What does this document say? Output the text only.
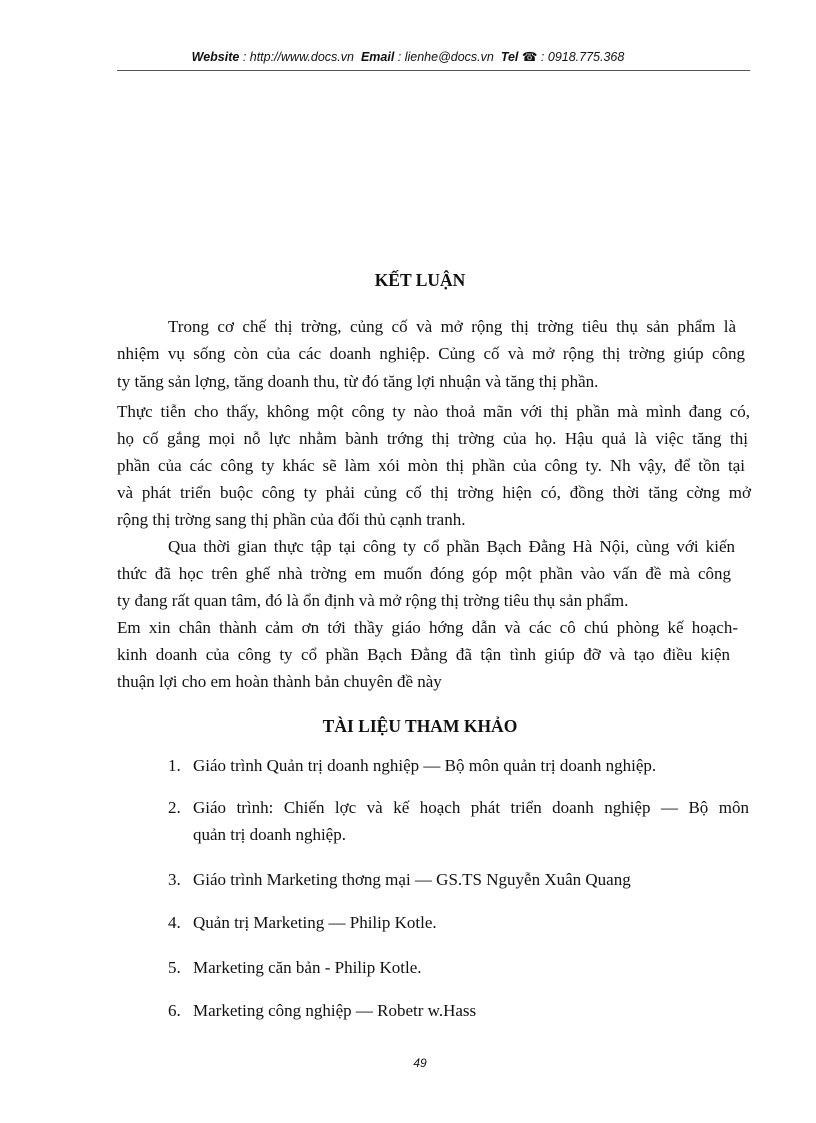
Website : http://www.docs.vn Email : lienhe@docs.vn Tel ☎ : 0918.775.368
KẾT LUẬN
Trong cơ chế thị trờng, củng cố và mở rộng thị trờng tiêu thụ sản phẩm là
nhiệm vụ sống còn của các doanh nghiệp. Củng cố và mở rộng thị trờng giúp công
ty tăng sản lợng, tăng doanh thu, từ đó tăng lợi nhuận và tăng thị phần.
Thực tiễn cho thấy, không một công ty nào thoả mãn với thị phần mà mình đang có,
họ cố gắng mọi nỗ lực nhằm bành trớng thị trờng của họ. Hậu quả là việc tăng thị
phần của các công ty khác sẽ làm xói mòn thị phần của công ty. Nh vậy, để tồn tại
và phát triển buộc công ty phải củng cố thị trờng hiện có, đồng thời tăng cờng mở
rộng thị trờng sang thị phần của đối thủ cạnh tranh.
Qua thời gian thực tập tại công ty cổ phần Bạch Đằng Hà Nội, cùng với kiến
thức đã học trên ghế nhà trờng em muốn đóng góp một phần vào vấn đề mà công
ty đang rất quan tâm, đó là ổn định và mở rộng thị trờng tiêu thụ sản phẩm.
Em xin chân thành cảm ơn tới thầy giáo hớng dẫn và các cô chú phòng kế hoạch-
kinh doanh của công ty cổ phần Bạch Đằng đã tận tình giúp đỡ và tạo điều kiện
thuận lợi cho em hoàn thành bản chuyên đề này
TÀI LIỆU THAM KHẢO
1. Giáo trình Quản trị doanh nghiệp — Bộ môn quản trị doanh nghiệp.
2. Giáo trình: Chiến lợc và kế hoạch phát triển doanh nghiệp — Bộ môn
quản trị doanh nghiệp.
3. Giáo trình Marketing thơng mại — GS.TS Nguyễn Xuân Quang
4. Quản trị Marketing — Philip Kotle.
5. Marketing căn bản - Philip Kotle.
6. Marketing công nghiệp — Robetr w.Hass
49
